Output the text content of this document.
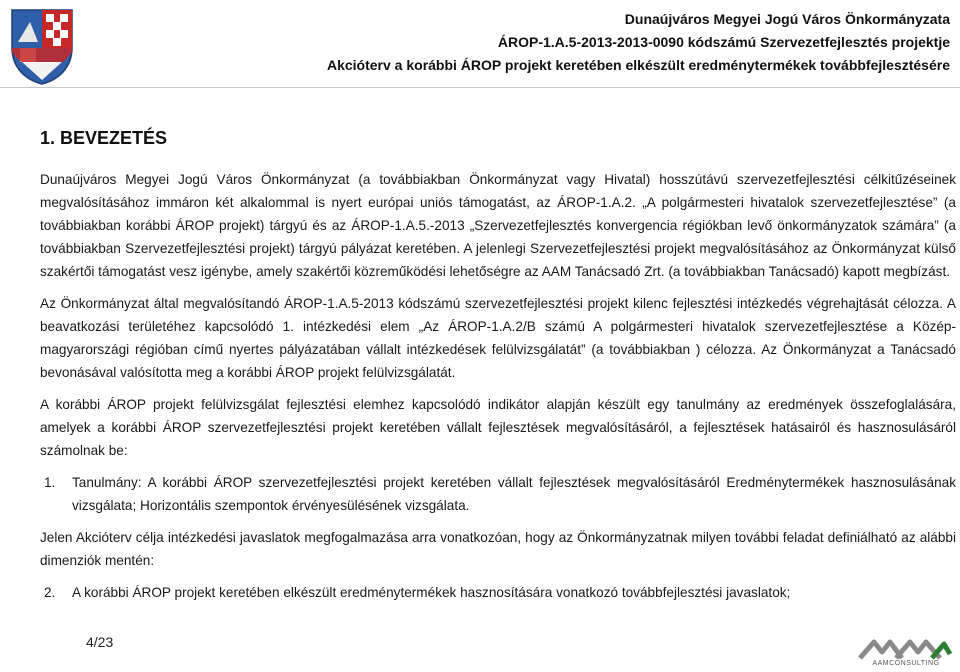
Dunaújváros Megyei Jogú Város Önkormányzata
ÁROP-1.A.5-2013-2013-0090 kódszámú Szervezetfejlesztés projektje
Akcióterv a korábbi ÁROP projekt keretében elkészült eredménytermékek továbbfejlesztésére
1. BEVEZETÉS

Dunaújváros Megyei Jogú Város Önkormányzat (a továbbiakban Önkormányzat vagy Hivatal) hosszútávú szervezetfejlesztési célkitűzéseinek megvalósításához immáron két alkalommal is nyert európai uniós támogatást, az ÁROP-1.A.2. „A polgármesteri hivatalok szervezetfejlesztése” (a továbbiakban korábbi ÁROP projekt) tárgyú és az ÁROP-1.A.5.-2013 „Szervezetfejlesztés konvergencia régiókban levő önkormányzatok számára” (a továbbiakban Szervezetfejlesztési projekt) tárgyú pályázat keretében. A jelenlegi Szervezetfejlesztési projekt megvalósításához az Önkormányzat külső szakértői támogatást vesz igénybe, amely szakértői közreműködési lehetőségre az AAM Tanácsadó Zrt. (a továbbiakban Tanácsadó) kapott megbízást.

Az Önkormányzat által megvalósítandó ÁROP-1.A.5-2013 kódszámú szervezetfejlesztési projekt kilenc fejlesztési intézkedés végrehajtását célozza. A beavatkozási területéhez kapcsolódó 1. intézkedési elem „Az ÁROP-1.A.2/B számú A polgármesteri hivatalok szervezetfejlesztése a Közép-magyarországi régióban című nyertes pályázatában vállalt intézkedések felülvizsgálatát” (a továbbiakban ) célozza. Az Önkormányzat a Tanácsadó bevonásával valósította meg a korábbi ÁROP projekt felülvizsgálatát.

A korábbi ÁROP projekt felülvizsgálat fejlesztési elemhez kapcsolódó indikátor alapján készült egy tanulmány az eredmények összefoglalására, amelyek a korábbi ÁROP szervezetfejlesztési projekt keretében vállalt fejlesztések megvalósításáról, a fejlesztések hatásairól és hasznosulásáról számolnak be:

1.	Tanulmány: A korábbi ÁROP szervezetfejlesztési projekt keretében vállalt fejlesztések megvalósításáról Eredménytermékek hasznosulásának vizsgálata; Horizontális szempontok érvényesülésének vizsgálata.

Jelen Akcióterv célja intézkedési javaslatok megfogalmazása arra vonatkozóan, hogy az Önkormányzatnak milyen további feladat definiálható az alábbi dimenziók mentén:

2.	A korábbi ÁROP projekt keretében elkészült eredménytermékek hasznosítására vonatkozó továbbfejlesztési javaslatok;
4/23
AAMCONSULTING
